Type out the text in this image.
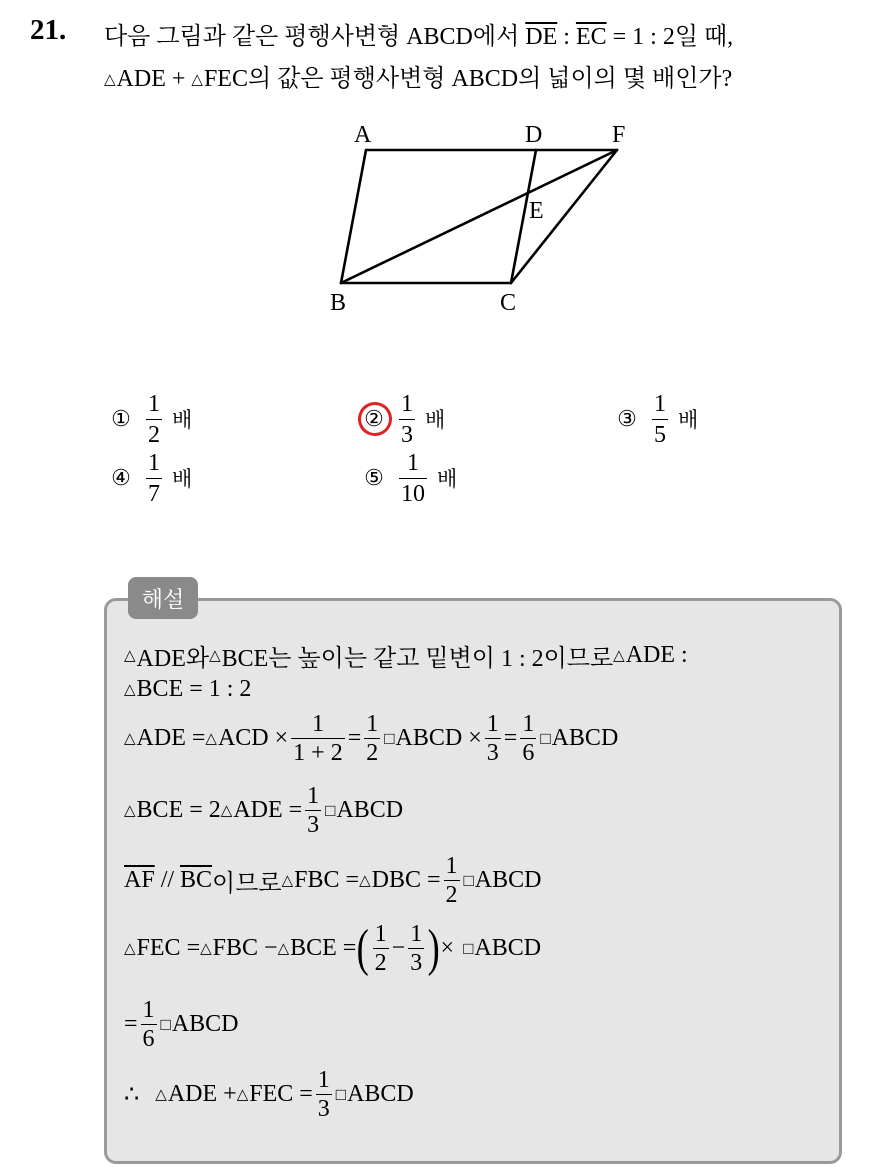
21. 다음 그림과 같은 평행사변형 ABCD에서 $\overline{DE}$ : $\overline{EC} = 1$ : 2일 때,
△ADE + △FEC의 값은 평행사변형 ABCD의 넓이의 몇 배인가?
A	D	F
E
B	C
① $\frac{1}{2}$ 배	② $\frac{1}{3}$ 배	③ $\frac{1}{5}$ 배
④ $\frac{1}{7}$ 배	⑤ $\frac{1}{10}$ 배
해설
△ ADE와 △ BCE는 높이는 같고 밑변이 1 : 2이므로 △ ADE :
△ BCE = 1 : 2
△ ADE = △ ACD × $\frac{1}{1 + 2} = \frac{1}{2}$ □ ABCD × $\frac{1}{3} = \frac{1}{6}$ □ ABCD
△ BCE = 2 △ ADE = $\frac{1}{3}$ □ ABCD
$\overline{AF} // \overline{BC}$ 이므로 △ FBC = △ DBC = $\frac{1}{2}$ □ ABCD
△ FEC = △ FBC − △ BCE = ( $\frac{1}{2} - \frac{1}{3}$ ) × □ ABCD
= $\frac{1}{6}$ □ ABCD
∴ △ ADE + △ FEC = $\frac{1}{3}$ □ ABCD
